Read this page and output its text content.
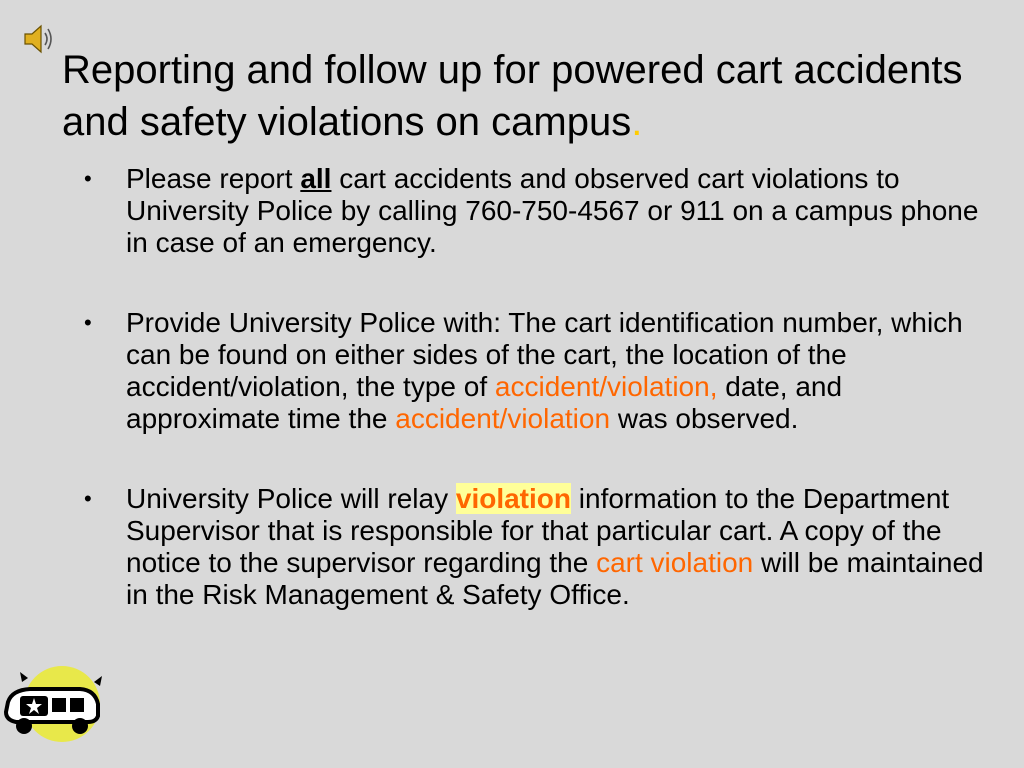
Reporting and follow up for powered cart accidents and safety violations on campus.
• Please report all cart accidents and observed cart violations to University Police by calling 760-750-4567 or 911 on a campus phone in case of an emergency.
• Provide University Police with: The cart identification number, which can be found on either sides of the cart, the location of the accident/violation, the type of accident/violation, date, and approximate time the accident/violation was observed.
• University Police will relay violation information to the Department Supervisor that is responsible for that particular cart. A copy of the notice to the supervisor regarding the cart violation will be maintained in the Risk Management & Safety Office.
